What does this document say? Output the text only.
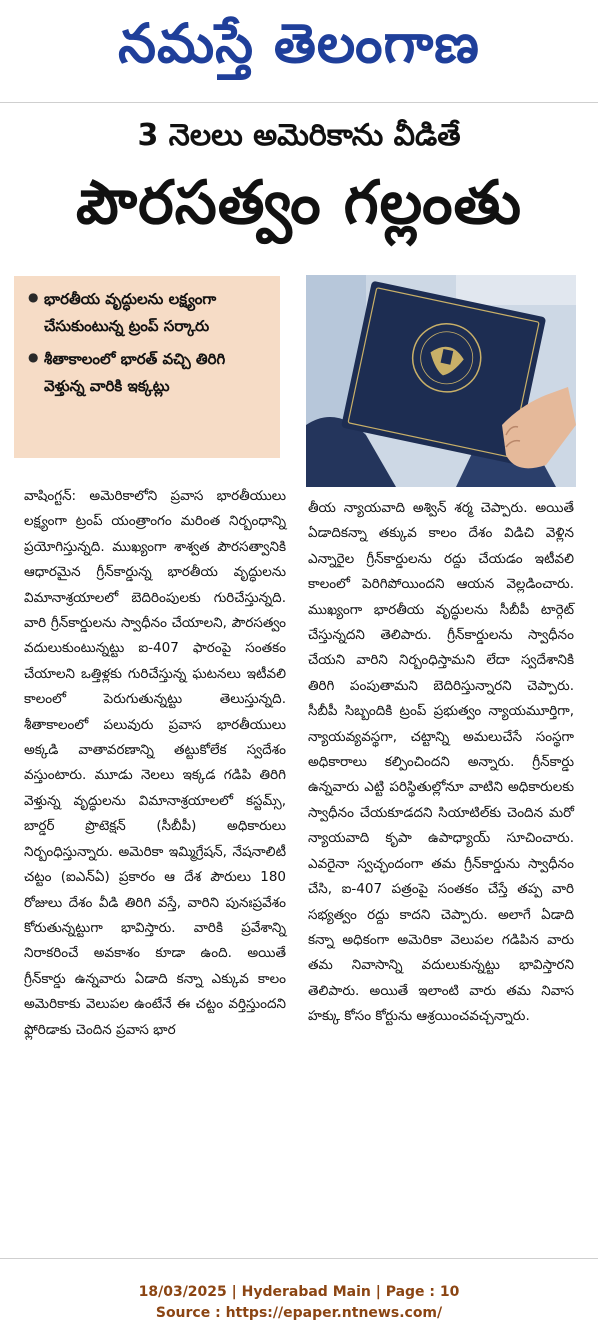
నమస్తే తెలంగాణ
3 నెలలు అమెరికాను వీడితే
పౌరసత్వం గల్లంతు
● భారతీయ వృద్ధులను లక్ష్యంగా చేసుకుంటున్న ట్రంప్ సర్కారు
● శీతాకాలంలో భారత్ వచ్చి తిరిగి వెళ్తున్న వారికి ఇక్కట్లు

వాషింగ్టన్: అమెరికాలోని ప్రవాస భారతీయులు లక్ష్యంగా ట్రంప్ యంత్రాంగం మరింత నిర్బంధాన్ని ప్రయోగిస్తున్నది. ముఖ్యంగా శాశ్వత పౌరసత్వానికి ఆధారమైన గ్రీన్‌కార్డున్న భారతీయ వృద్ధులను విమానాశ్రయాలలో బెదిరింపులకు గురిచేస్తున్నది. వారి గ్రీన్‌కార్డులను స్వాధీనం చేయాలని, పౌరసత్వం వదులుకుంటున్నట్టు ఐ-407 ఫారంపై సంతకం చేయాలని ఒత్తిళ్లకు గురిచేస్తున్న ఘటనలు ఇటీవలి కాలంలో పెరుగుతున్నట్టు తెలుస్తున్నది. శీతాకాలంలో పలువురు ప్రవాస భారతీయులు అక్కడి వాతావరణాన్ని తట్టుకోలేక స్వదేశం వస్తుంటారు. మూడు నెలలు ఇక్కడ గడిపి తిరిగి వెళ్తున్న వృద్ధులను విమానాశ్రయాలలో కస్టమ్స్, బార్డర్ ప్రొటెక్షన్ (సీబీపీ) అధికారులు నిర్బంధిస్తున్నారు. అమెరికా ఇమ్మిగ్రేషన్, నేషనాలిటీ చట్టం (ఐఎన్‌ఏ) ప్రకారం ఆ దేశ పౌరులు 180 రోజులు దేశం వీడి తిరిగి వస్తే, వారిని పునఃప్రవేశం కోరుతున్నట్టుగా భావిస్తారు. వారికి ప్రవేశాన్ని నిరాకరించే అవకాశం కూడా ఉంది. అయితే గ్రీన్‌కార్డు ఉన్నవారు ఏడాది కన్నా ఎక్కువ కాలం అమెరికాకు వెలుపల ఉంటేనే ఈ చట్టం వర్తిస్తుందని ఫ్లోరిడాకు చెందిన ప్రవాస భార

తీయ న్యాయవాది అశ్విన్ శర్మ చెప్పారు. అయితే ఏడాదికన్నా తక్కువ కాలం దేశం విడిచి వెళ్లిన ఎన్నారైల గ్రీన్‌కార్డులను రద్దు చేయడం ఇటీవలి కాలంలో పెరిగిపోయిందని ఆయన వెల్లడించారు. ముఖ్యంగా భారతీయ వృద్ధులను సీబీపీ టార్గెట్ చేస్తున్నదని తెలిపారు. గ్రీన్‌కార్డులను స్వాధీనం చేయని వారిని నిర్బంధిస్తామని లేదా స్వదేశానికి తిరిగి పంపుతామని బెదిరిస్తున్నారని చెప్పారు. సీబీపీ సిబ్బందికి ట్రంప్ ప్రభుత్వం న్యాయమూర్తిగా, న్యాయవ్యవస్థగా, చట్టాన్ని అమలుచేసే సంస్థగా అధికారాలు కల్పించిందని అన్నారు. గ్రీన్‌కార్డు ఉన్నవారు ఎట్టి పరిస్థితుల్లోనూ వాటిని అధికారులకు స్వాధీనం చేయకూడదని సియాటిల్‌కు చెందిన మరో న్యాయవాది కృపా ఉపాధ్యాయ్ సూచించారు. ఎవరైనా స్వచ్ఛందంగా తమ గ్రీన్‌కార్డును స్వాధీనం చేసి, ఐ-407 పత్రంపై సంతకం చేస్తే తప్ప వారి సభ్యత్వం రద్దు కాదని చెప్పారు. అలాగే ఏడాది కన్నా అధికంగా అమెరికా వెలుపల గడిపిన వారు తమ నివాసాన్ని వదులుకున్నట్టు భావిస్తారని తెలిపారు. అయితే ఇలాంటి వారు తమ నివాస హక్కు కోసం కోర్టును ఆశ్రయించవచ్చన్నారు.

18/03/2025 | Hyderabad Main | Page : 10
Source : https://epaper.ntnews.com/
